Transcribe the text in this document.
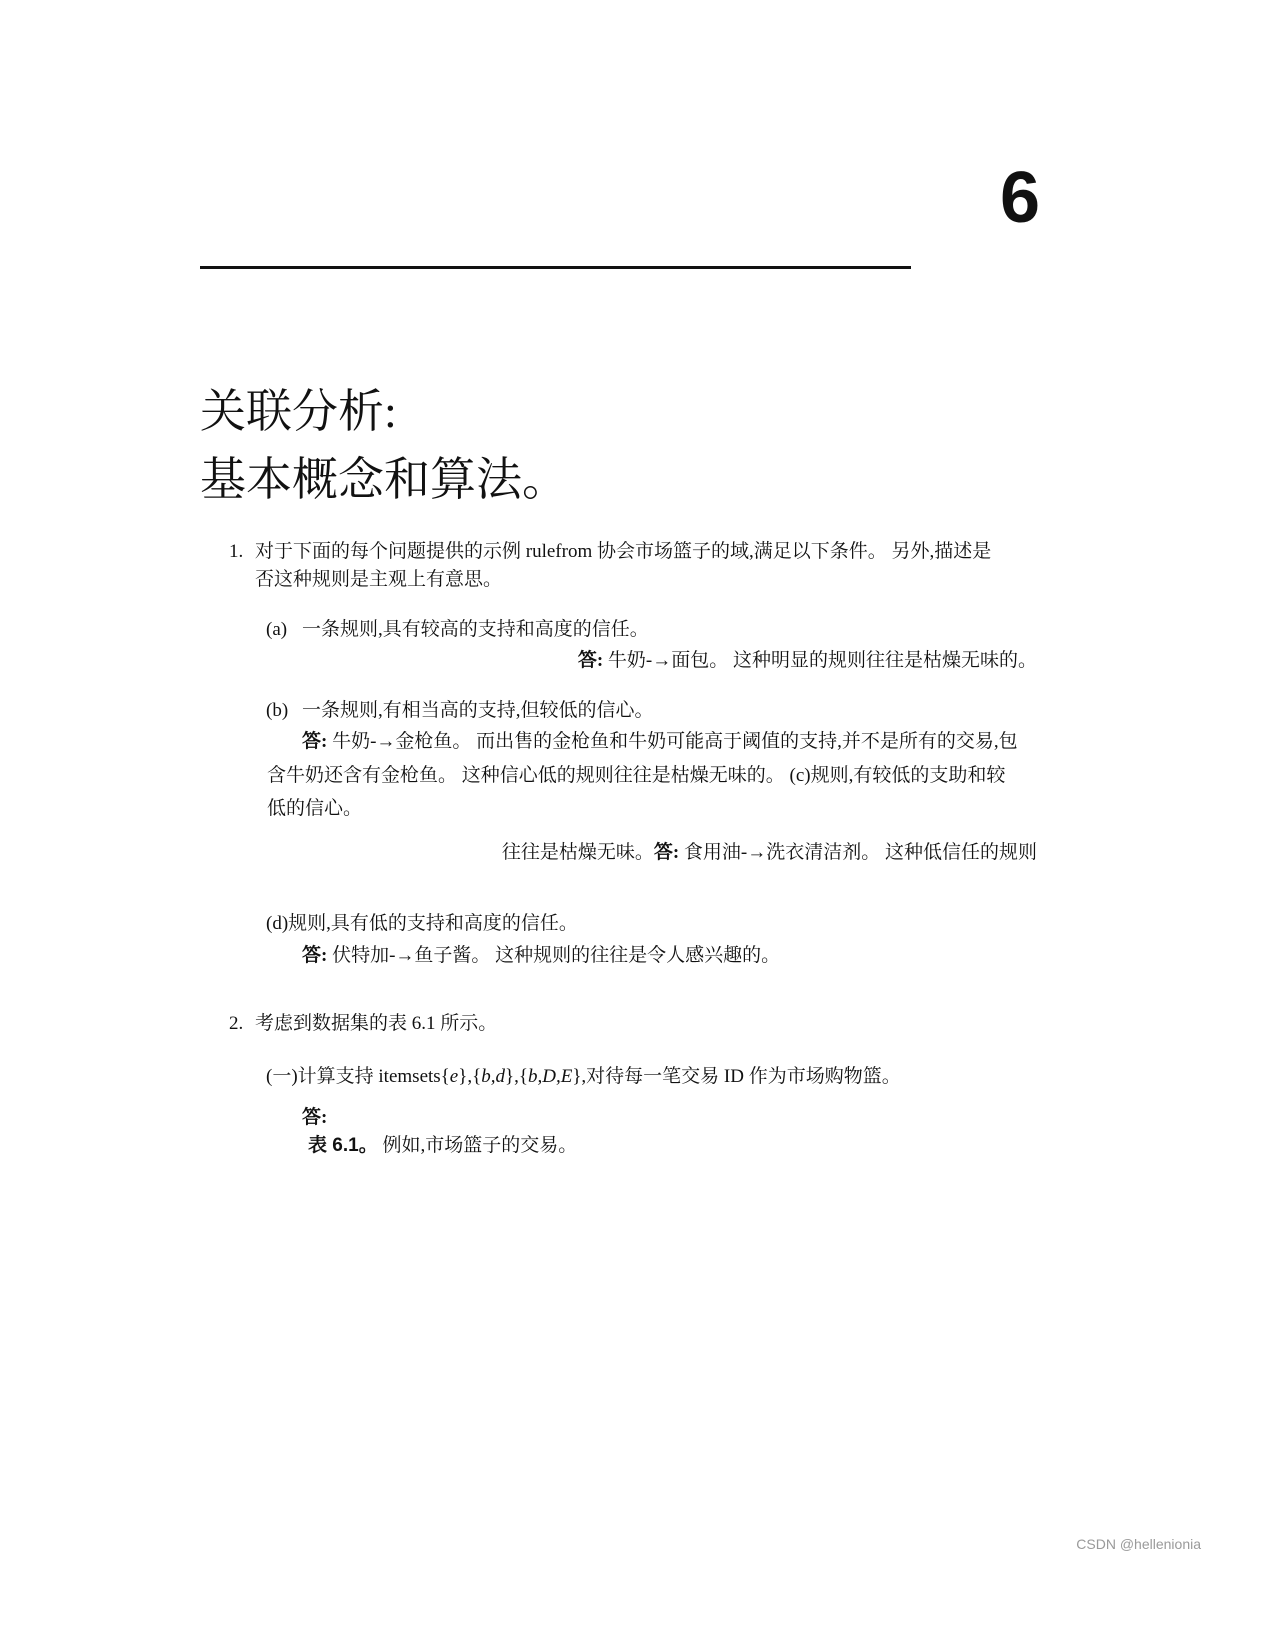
6
关联分析:
基本概念和算法。
1. 对于下面的每个问题提供的示例 rulefrom 协会市场篮子的域,满足以下条件。 另外,描述是
否这种规则是主观上有意思。
(a) 一条规则,具有较高的支持和高度的信任。
答: 牛奶-→面包。 这种明显的规则往往是枯燥无味的。
(b) 一条规则,有相当高的支持,但较低的信心。
答: 牛奶-→金枪鱼。 而出售的金枪鱼和牛奶可能高于阈值的支持,并不是所有的交易,包
含牛奶还含有金枪鱼。 这种信心低的规则往往是枯燥无味的。 (c)规则,有较低的支助和较
低的信心。
往往是枯燥无味。答: 食用油-→洗衣清洁剂。 这种低信任的规则
(d)规则,具有低的支持和高度的信任。
答: 伏特加-→鱼子酱。 这种规则的往往是令人感兴趣的。
2. 考虑到数据集的表 6.1 所示。
(一)计算支持 itemsets{e},{b,d},{b,D,E},对待每一笔交易 ID 作为市场购物篮。
答:
表 6.1。 例如,市场篮子的交易。
CSDN @hellenionia
